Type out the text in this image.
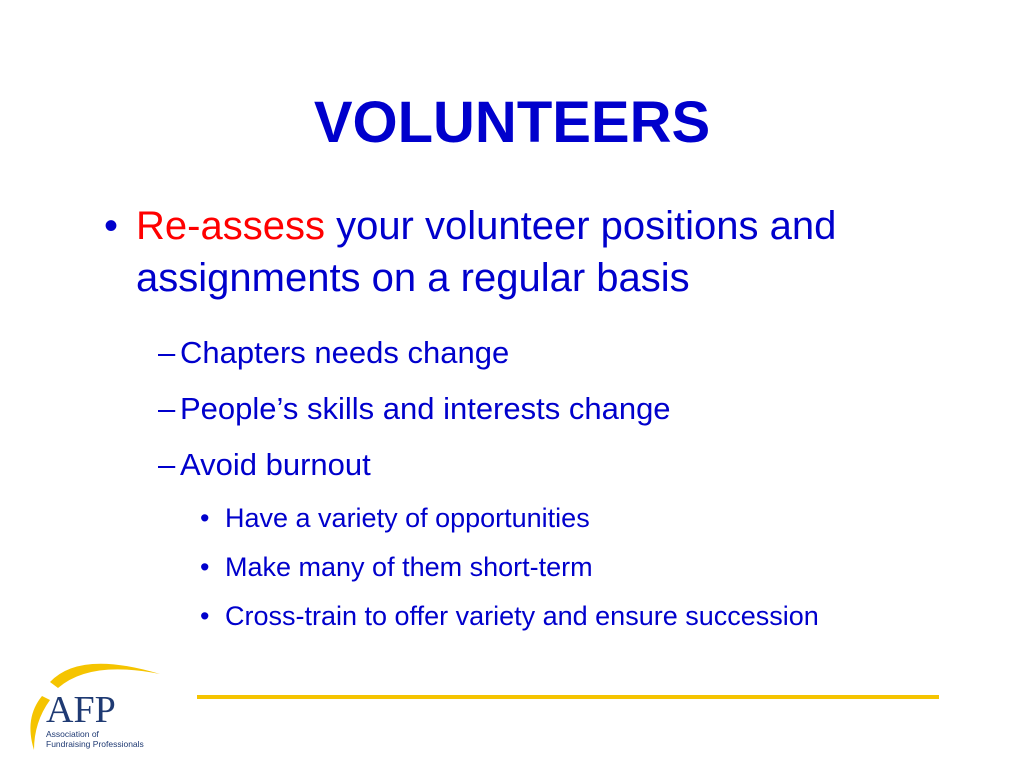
VOLUNTEERS
• Re-assess your volunteer positions and assignments on a regular basis
– Chapters needs change
– People’s skills and interests change
– Avoid burnout
• Have a variety of opportunities
• Make many of them short-term
• Cross-train to offer variety and ensure succession
AFP
Association of
Fundraising Professionals
